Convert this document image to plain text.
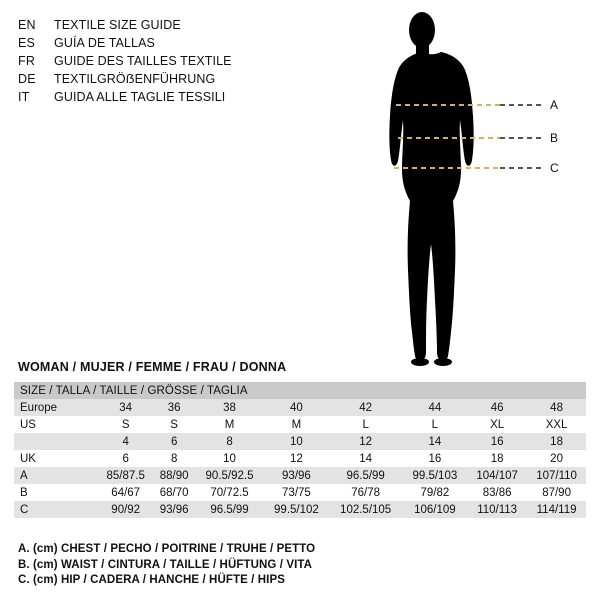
EN	TEXTILE SIZE GUIDE
ES	GUÍA DE TALLAS
FR	GUIDE DES TAILLES TEXTILE
DE	TEXTILGRÖẞENFÜHRUNG
IT	GUIDA ALLE TAGLIE TESSILI
A
B
C
WOMAN / MUJER / FEMME / FRAU / DONNA
SIZE / TALLA / TAILLE / GRÖSSE / TAGLIA								
Europe	34	36	38	40	42	44	46	48
US	S	S	M	M	L	L	XL	XXL
	4	6	8	10	12	14	16	18
UK	6	8	10	12	14	16	18	20
A	85/87.5	88/90	90.5/92.5	93/96	96.5/99	99.5/103	104/107	107/110
B	64/67	68/70	70/72.5	73/75	76/78	79/82	83/86	87/90
C	90/92	93/96	96.5/99	99.5/102	102.5/105	106/109	110/113	114/119
A. (cm) CHEST / PECHO / POITRINE / TRUHE / PETTO
B. (cm) WAIST / CINTURA / TAILLE / HÜFTUNG / VITA
C. (cm) HIP / CADERA / HANCHE / HÜFTE / HIPS
